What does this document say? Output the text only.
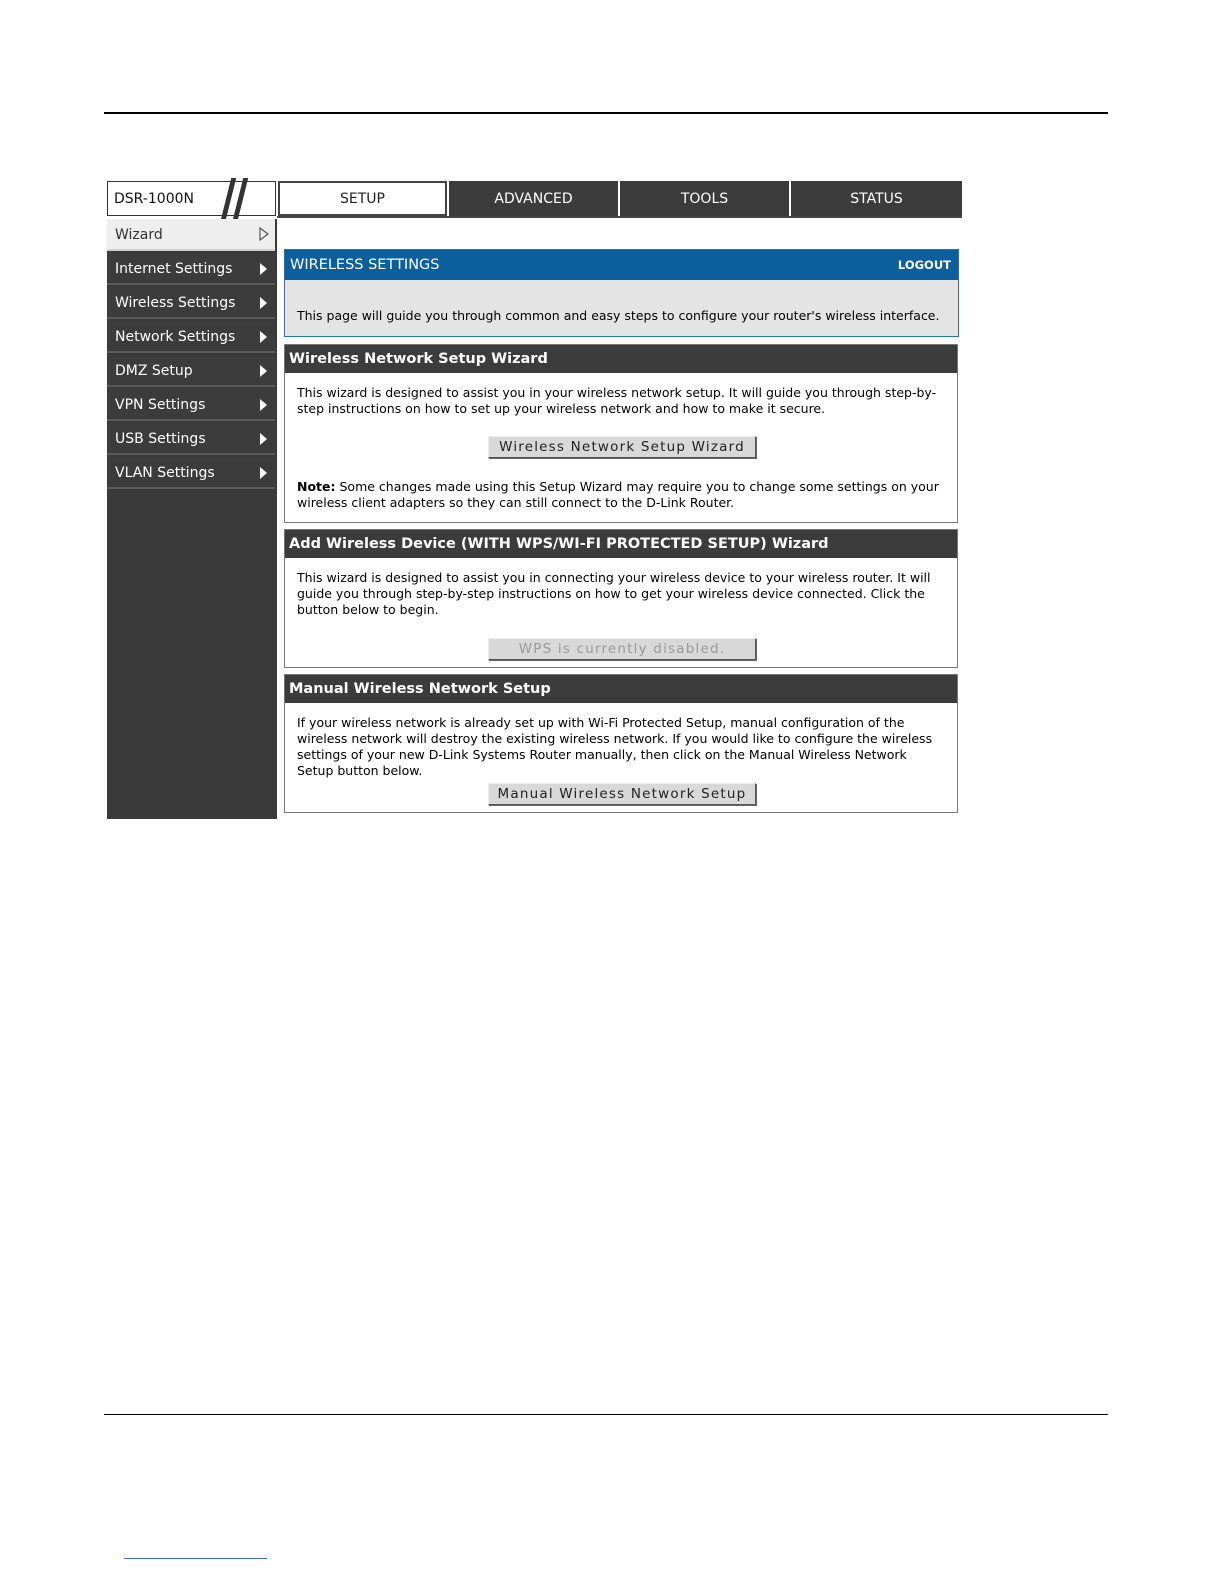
DSR-1000N	SETUP	ADVANCED	TOOLS	STATUS
Wizard
Internet Settings
Wireless Settings
Network Settings
DMZ Setup
VPN Settings
USB Settings
VLAN Settings
WIRELESS SETTINGS	LOGOUT
This page will guide you through common and easy steps to configure your router's wireless interface.
Wireless Network Setup Wizard
This wizard is designed to assist you in your wireless network setup. It will guide you through step-by-step instructions on how to set up your wireless network and how to make it secure.
Wireless Network Setup Wizard
Note: Some changes made using this Setup Wizard may require you to change some settings on your wireless client adapters so they can still connect to the D-Link Router.
Add Wireless Device (WITH WPS/WI-FI PROTECTED SETUP) Wizard
This wizard is designed to assist you in connecting your wireless device to your wireless router. It will guide you through step-by-step instructions on how to get your wireless device connected. Click the button below to begin.
WPS is currently disabled.
Manual Wireless Network Setup
If your wireless network is already set up with Wi-Fi Protected Setup, manual configuration of the wireless network will destroy the existing wireless network. If you would like to configure the wireless settings of your new D-Link Systems Router manually, then click on the Manual Wireless Network Setup button below.
Manual Wireless Network Setup
